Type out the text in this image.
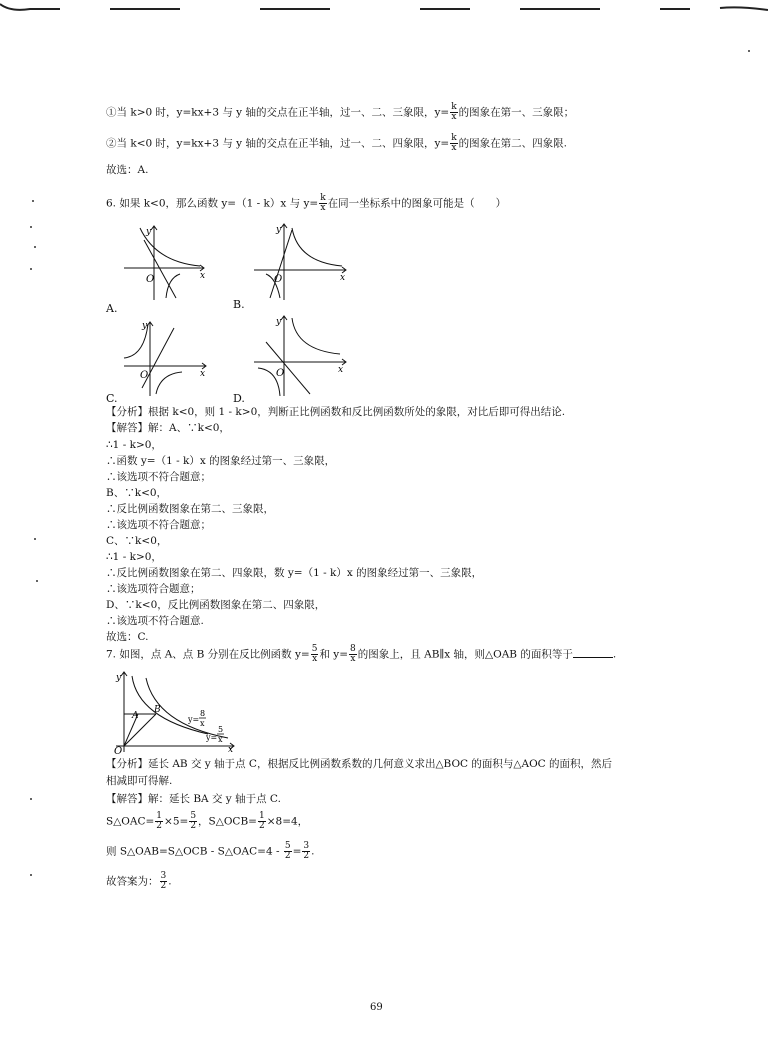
①当 k>0 时，y=kx+3 与 y 轴的交点在正半轴，过一、二、三象限，$y= \frac{k}{x}$ 的图象在第一、三象限；
②当 k<0 时，y=kx+3 与 y 轴的交点在正半轴，过一、二、四象限，$y= \frac{k}{x}$ 的图象在第二、四象限.
故选：A.
6. 如果 k<0，那么函数 y=（1 - k）x 与 $y= \frac{k}{x}$ 在同一坐标系中的图象可能是（　　）
y
x
O
A.
y
x
O
B.
y
x
O
C.
y
x
O
D.
【分析】根据 k<0，则 1 - k>0，判断正比例函数和反比例函数所处的象限，对比后即可得出结论.
【解答】解：A、∵k<0，
∴1 - k>0，
∴函数 y=（1 - k）x 的图象经过第一、三象限，
∴该选项不符合题意；
B、∵k<0，
∴反比例函数图象在第二、三象限，
∴该选项不符合题意；
C、∵k<0，
∴1 - k>0，
∴反比例函数图象在第二、四象限，数 y=（1 - k）x 的图象经过第一、三象限，
∴该选项符合题意；
D、∵k<0，反比例函数图象在第二、四象限，
∴该选项不符合题意.
故选：C.
7. 如图，点 A、点 B 分别在反比例函数 $y= \frac{5}{x}$ 和 $y= \frac{8}{x}$ 的图象上，且 AB∥x 轴，则△OAB 的面积等于	.
y
x
O
A
B
y=
8
x
y=
5
x
【分析】延长 AB 交 y 轴于点 C，根据反比例函数系数的几何意义求出△BOC 的面积与△AOC 的面积，然后
相减即可得解.
【解答】解：延长 BA 交 y 轴于点 C.
S△OAC= $\frac{1}{2} \times 5= \frac{5}{2}$ ，S△OCB= $\frac{1}{2} \times 8=4$，
则 S△OAB=S△OCB - S△OAC=4 - $\frac{5}{2} = \frac{3}{2}$ .
故答案为： $\frac{3}{2}$ .
69
